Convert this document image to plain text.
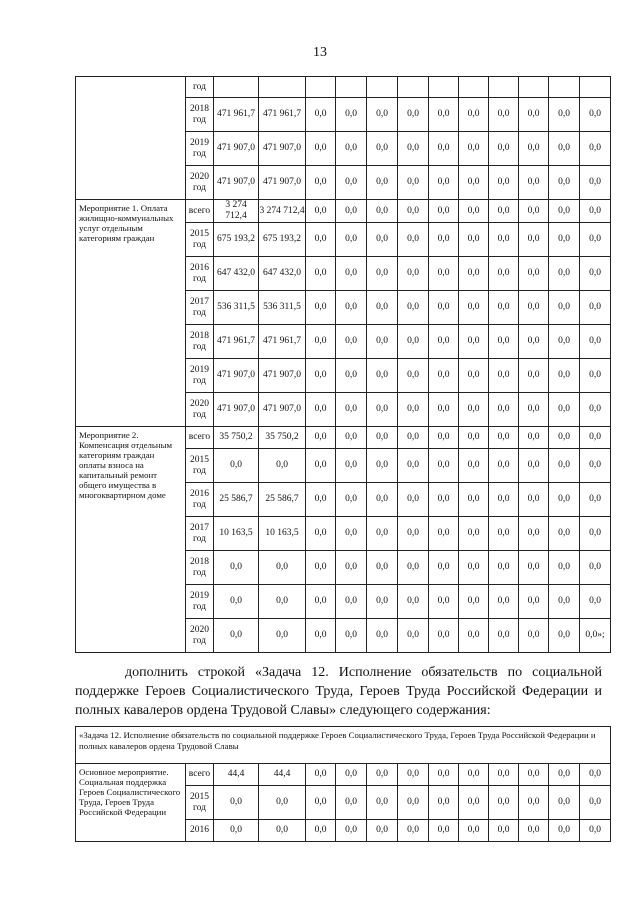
13
	год												
	2018 год	471 961,7	471 961,7	0,0	0,0	0,0	0,0	0,0	0,0	0,0	0,0	0,0	0,0
	2019 год	471 907,0	471 907,0	0,0	0,0	0,0	0,0	0,0	0,0	0,0	0,0	0,0	0,0
	2020 год	471 907,0	471 907,0	0,0	0,0	0,0	0,0	0,0	0,0	0,0	0,0	0,0	0,0
Мероприятие 1. Оплата жилищно-коммунальных услуг отдельным категориям граждан	всего	3 274 712,4	3 274 712,4	0,0	0,0	0,0	0,0	0,0	0,0	0,0	0,0	0,0	0,0
	2015 год	675 193,2	675 193,2	0,0	0,0	0,0	0,0	0,0	0,0	0,0	0,0	0,0	0,0
	2016 год	647 432,0	647 432,0	0,0	0,0	0,0	0,0	0,0	0,0	0,0	0,0	0,0	0,0
	2017 год	536 311,5	536 311,5	0,0	0,0	0,0	0,0	0,0	0,0	0,0	0,0	0,0	0,0
	2018 год	471 961,7	471 961,7	0,0	0,0	0,0	0,0	0,0	0,0	0,0	0,0	0,0	0,0
	2019 год	471 907,0	471 907,0	0,0	0,0	0,0	0,0	0,0	0,0	0,0	0,0	0,0	0,0
	2020 год	471 907,0	471 907,0	0,0	0,0	0,0	0,0	0,0	0,0	0,0	0,0	0,0	0,0
Мероприятие 2. Компенсация отдельным категориям граждан оплаты взноса на капитальный ремонт общего имущества в многоквартирном доме	всего	35 750,2	35 750,2	0,0	0,0	0,0	0,0	0,0	0,0	0,0	0,0	0,0	0,0
	2015 год	0,0	0,0	0,0	0,0	0,0	0,0	0,0	0,0	0,0	0,0	0,0	0,0
	2016 год	25 586,7	25 586,7	0,0	0,0	0,0	0,0	0,0	0,0	0,0	0,0	0,0	0,0
	2017 год	10 163,5	10 163,5	0,0	0,0	0,0	0,0	0,0	0,0	0,0	0,0	0,0	0,0
	2018 год	0,0	0,0	0,0	0,0	0,0	0,0	0,0	0,0	0,0	0,0	0,0	0,0
	2019 год	0,0	0,0	0,0	0,0	0,0	0,0	0,0	0,0	0,0	0,0	0,0	0,0
	2020 год	0,0	0,0	0,0	0,0	0,0	0,0	0,0	0,0	0,0	0,0	0,0	0,0»;
дополнить строкой «Задача 12. Исполнение обязательств по социальной
поддержке Героев Социалистического Труда, Героев Труда Российской Федерации и полных кавалеров ордена Трудовой Славы» следующего содержания:
«Задача 12. Исполнение обязательств по социальной поддержке Героев Социалистического Труда, Героев Труда Российской Федерации и полных кавалеров ордена Трудовой Славы													
Основное мероприятие. Социальная поддержка Героев Социалистического Труда, Героев Труда Российской Федерации	всего	44,4	44,4	0,0	0,0	0,0	0,0	0,0	0,0	0,0	0,0	0,0	0,0
	2015 год	0,0	0,0	0,0	0,0	0,0	0,0	0,0	0,0	0,0	0,0	0,0	0,0
	2016	0,0	0,0	0,0	0,0	0,0	0,0	0,0	0,0	0,0	0,0	0,0	0,0
